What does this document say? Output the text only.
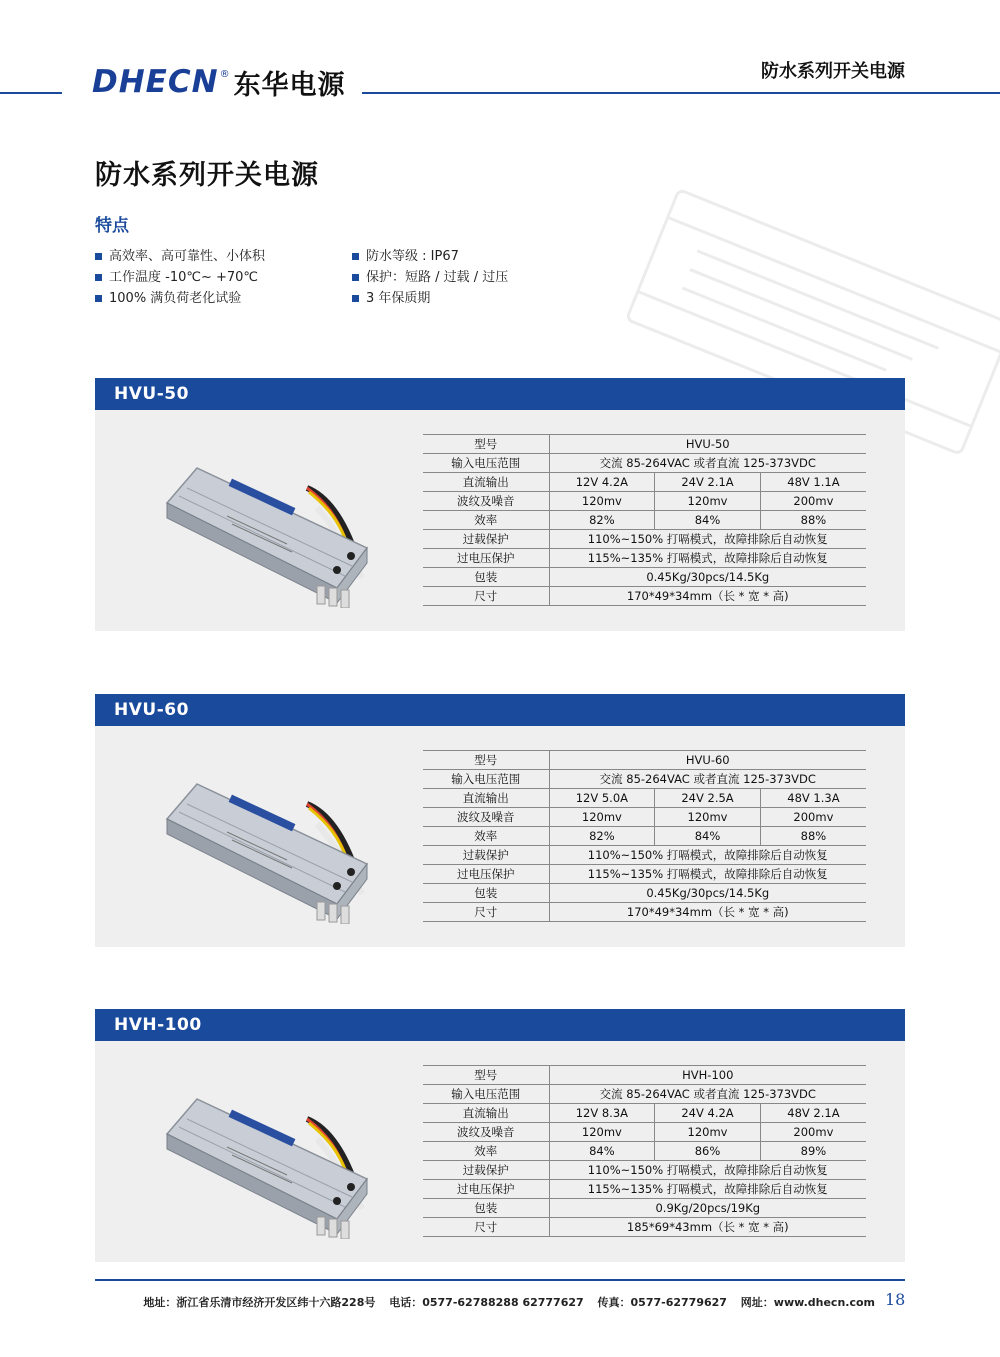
DHECN ® 东华电源	防水系列开关电源
防水系列开关电源
特点
高效率、高可靠性、小体积
工作温度 -10℃~ +70℃
100% 满负荷老化试验
防水等级 : IP67
保护：短路 / 过载 / 过压
3 年保质期
HVU-50
型号	HVU-50		
输入电压范围	交流 85-264VAC 或者直流 125-373VDC		
直流输出	12V 4.2A	24V 2.1A	48V 1.1A
波纹及噪音	120mv	120mv	200mv
效率	82%	84%	88%
过载保护	110%~150% 打嗝模式，故障排除后自动恢复		
过电压保护	115%~135% 打嗝模式，故障排除后自动恢复		
包装	0.45Kg/30pcs/14.5Kg		
尺寸	170*49*34mm（长 * 宽 * 高)		
HVU-60
型号	HVU-60		
输入电压范围	交流 85-264VAC 或者直流 125-373VDC		
直流输出	12V 5.0A	24V 2.5A	48V 1.3A
波纹及噪音	120mv	120mv	200mv
效率	82%	84%	88%
过载保护	110%~150% 打嗝模式，故障排除后自动恢复		
过电压保护	115%~135% 打嗝模式，故障排除后自动恢复		
包装	0.45Kg/30pcs/14.5Kg		
尺寸	170*49*34mm（长 * 宽 * 高)		
HVH-100
型号	HVH-100		
输入电压范围	交流 85-264VAC 或者直流 125-373VDC		
直流输出	12V 8.3A	24V 4.2A	48V 2.1A
波纹及噪音	120mv	120mv	200mv
效率	84%	86%	89%
过载保护	110%~150% 打嗝模式，故障排除后自动恢复		
过电压保护	115%~135% 打嗝模式，故障排除后自动恢复		
包装	0.9Kg/20pcs/19Kg		
尺寸	185*69*43mm（长 * 宽 * 高)		
地址：浙江省乐清市经济开发区纬十六路228号 电话：0577-62788288 62777627 传真：0577-62779627 网址：www.dhecn.com 18
